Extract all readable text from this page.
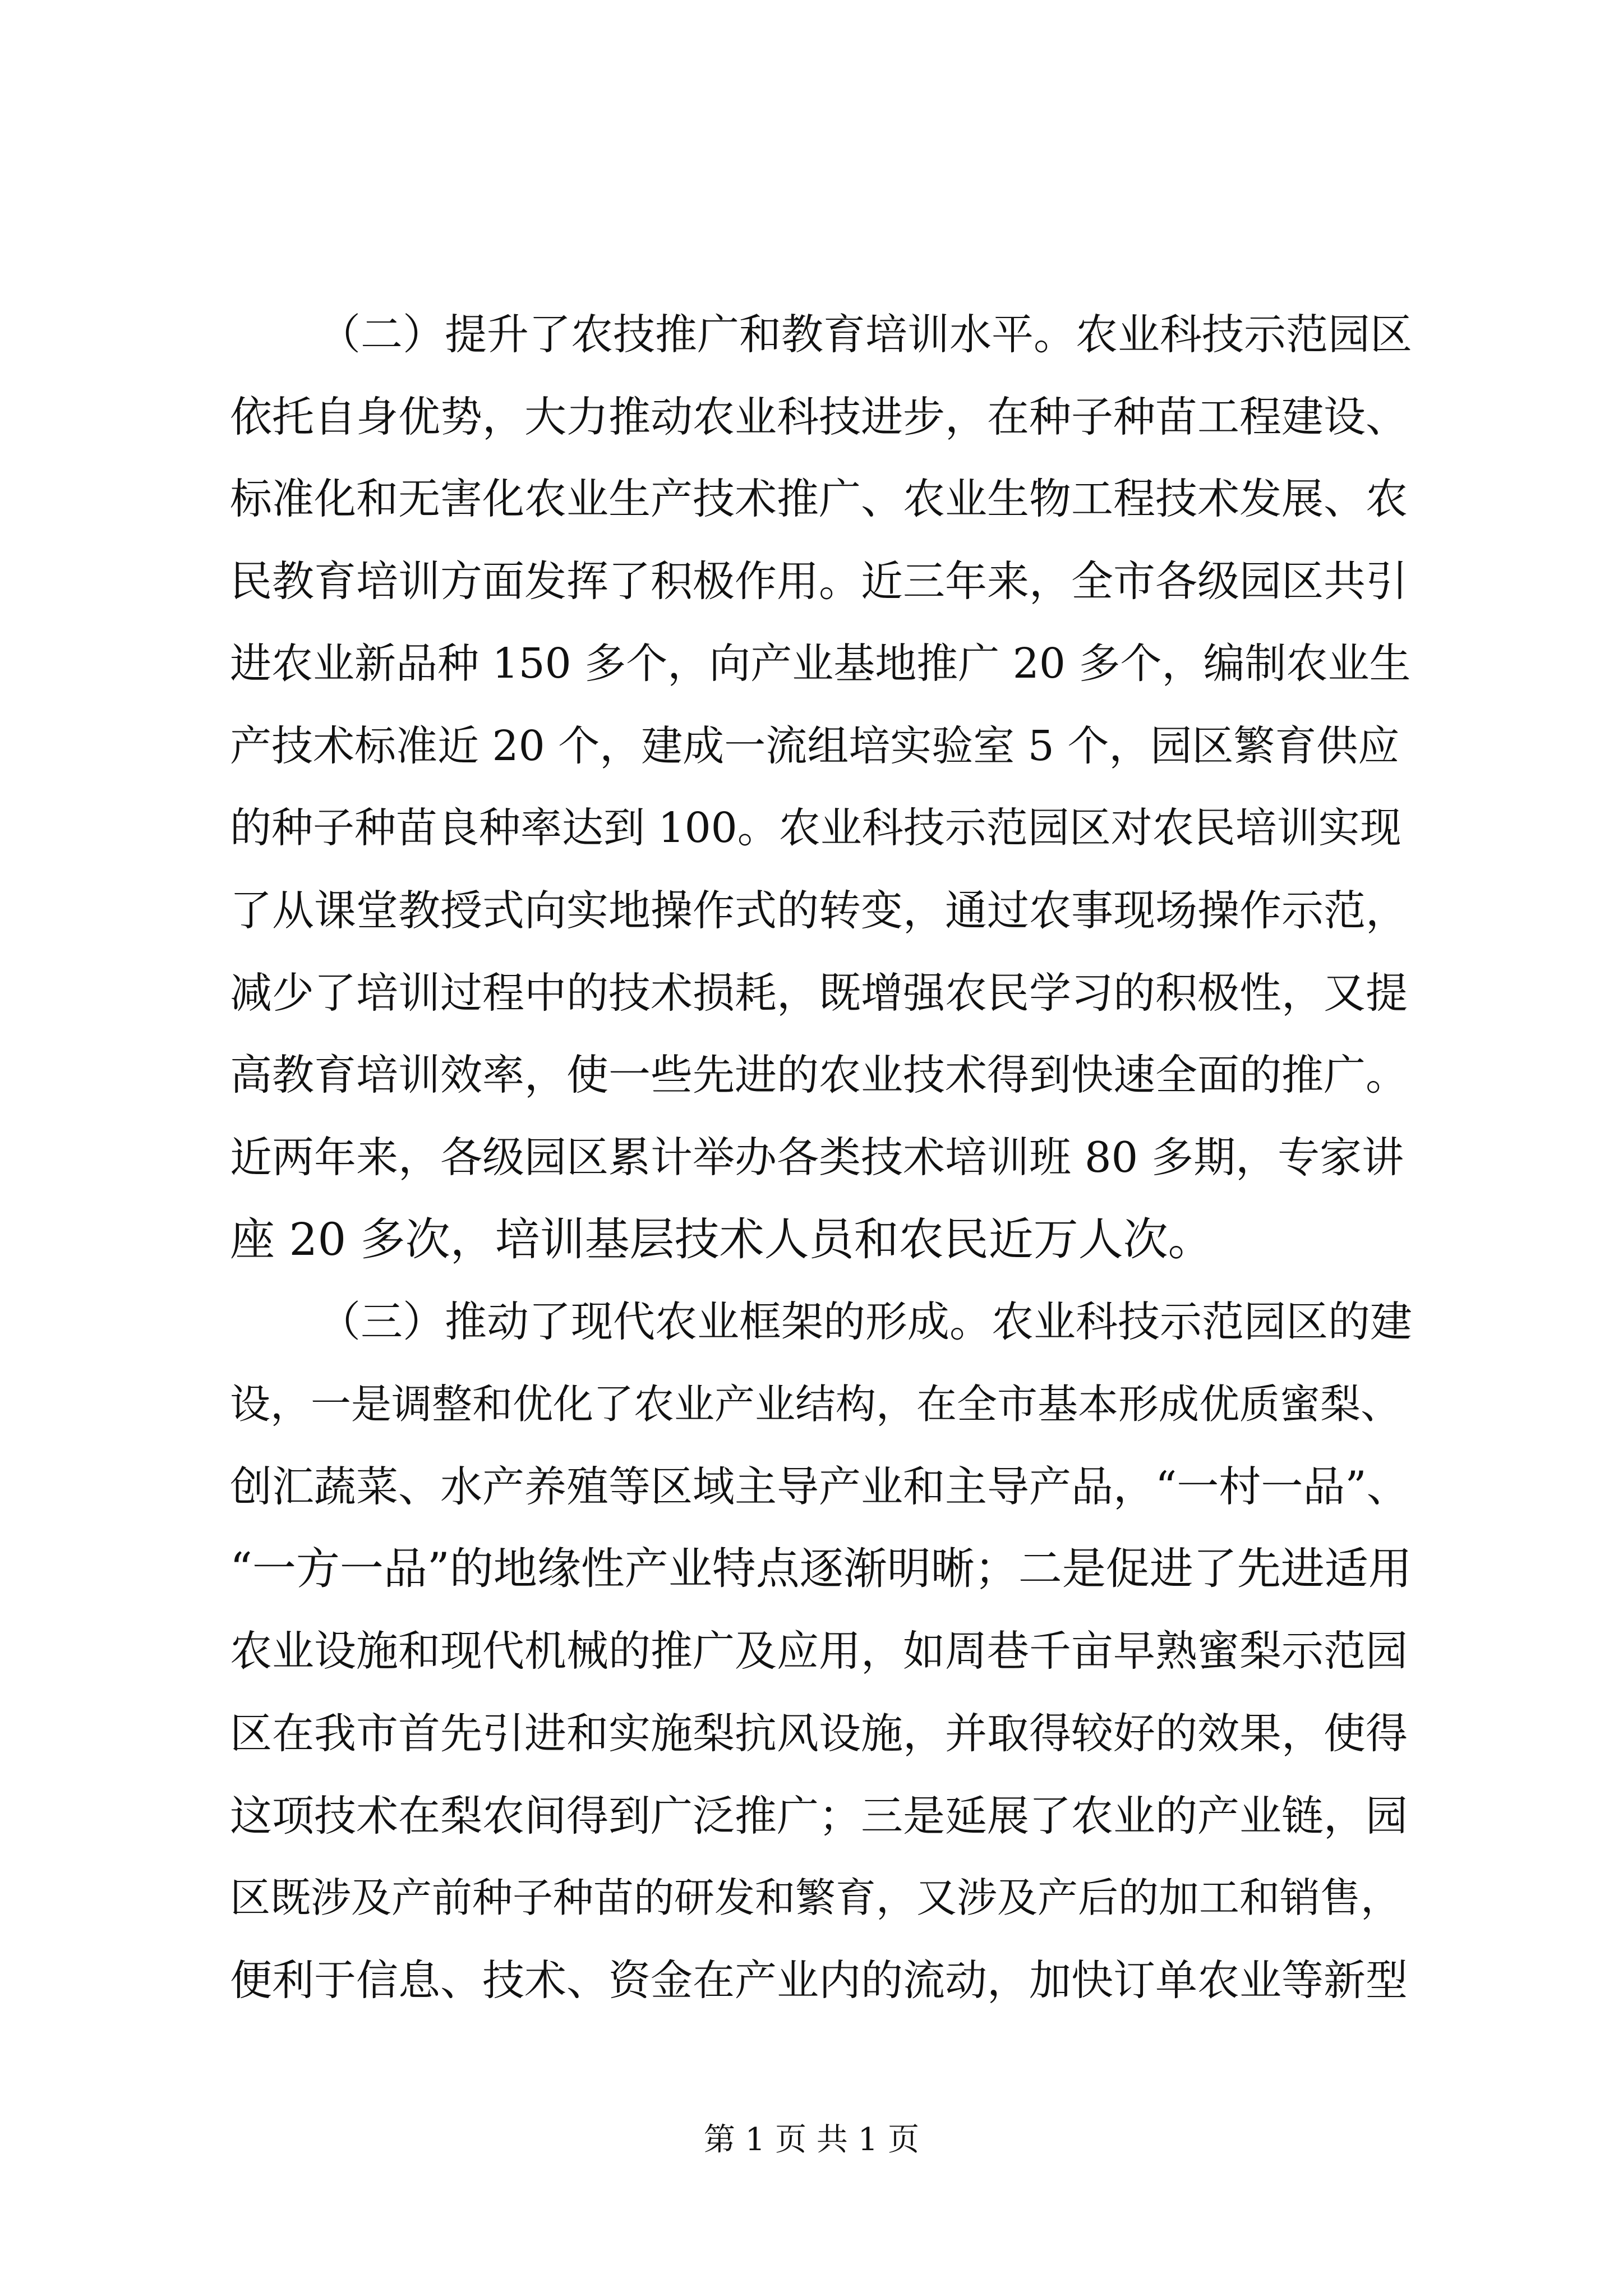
（二）提升了农技推广和教育培训水平。农业科技示范园区
依托自身优势，大力推动农业科技进步，在种子种苗工程建设、
标准化和无害化农业生产技术推广、农业生物工程技术发展、农
民教育培训方面发挥了积极作用。近三年来，全市各级园区共引
进农业新品种 150 多个，向产业基地推广 20 多个，编制农业生
产技术标准近 20 个，建成一流组培实验室 5 个，园区繁育供应
的种子种苗良种率达到 100。农业科技示范园区对农民培训实现
了从课堂教授式向实地操作式的转变，通过农事现场操作示范，
减少了培训过程中的技术损耗，既增强农民学习的积极性，又提
高教育培训效率，使一些先进的农业技术得到快速全面的推广。
近两年来，各级园区累计举办各类技术培训班 80 多期，专家讲
座 20 多次，培训基层技术人员和农民近万人次。
（三）推动了现代农业框架的形成。农业科技示范园区的建
设，一是调整和优化了农业产业结构，在全市基本形成优质蜜梨、
创汇蔬菜、水产养殖等区域主导产业和主导产品，“一村一品”、
“一方一品”的地缘性产业特点逐渐明晰；二是促进了先进适用
农业设施和现代机械的推广及应用，如周巷千亩早熟蜜梨示范园
区在我市首先引进和实施梨抗风设施，并取得较好的效果，使得
这项技术在梨农间得到广泛推广；三是延展了农业的产业链，园
区既涉及产前种子种苗的研发和繁育，又涉及产后的加工和销售，
便利于信息、技术、资金在产业内的流动，加快订单农业等新型
第 1 页 共 1 页
